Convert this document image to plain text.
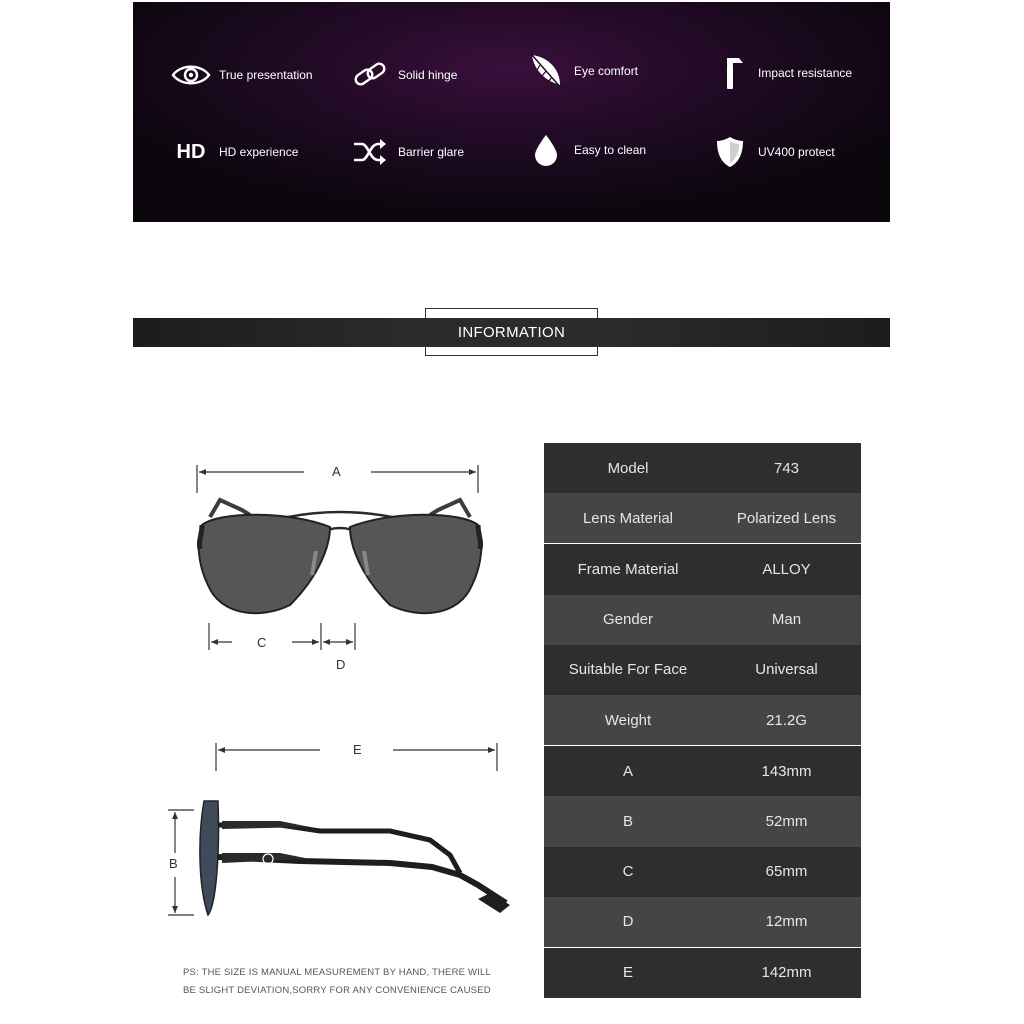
True presentation	Solid hinge	Eye comfort	Impact resistance
HD	HD experience	Barrier glare	Easy to clean	UV400 protect
INFORMATION
A
C
D
E
B
PS: THE SIZE IS MANUAL MEASUREMENT BY HAND, THERE WILL
BE SLIGHT DEVIATION,SORRY FOR ANY CONVENIENCE CAUSED
Model	743
Lens Material	Polarized Lens
Frame Material	ALLOY
Gender	Man
Suitable For Face	Universal
Weight	21.2G
A	143mm
B	52mm
C	65mm
D	12mm
E	142mm
